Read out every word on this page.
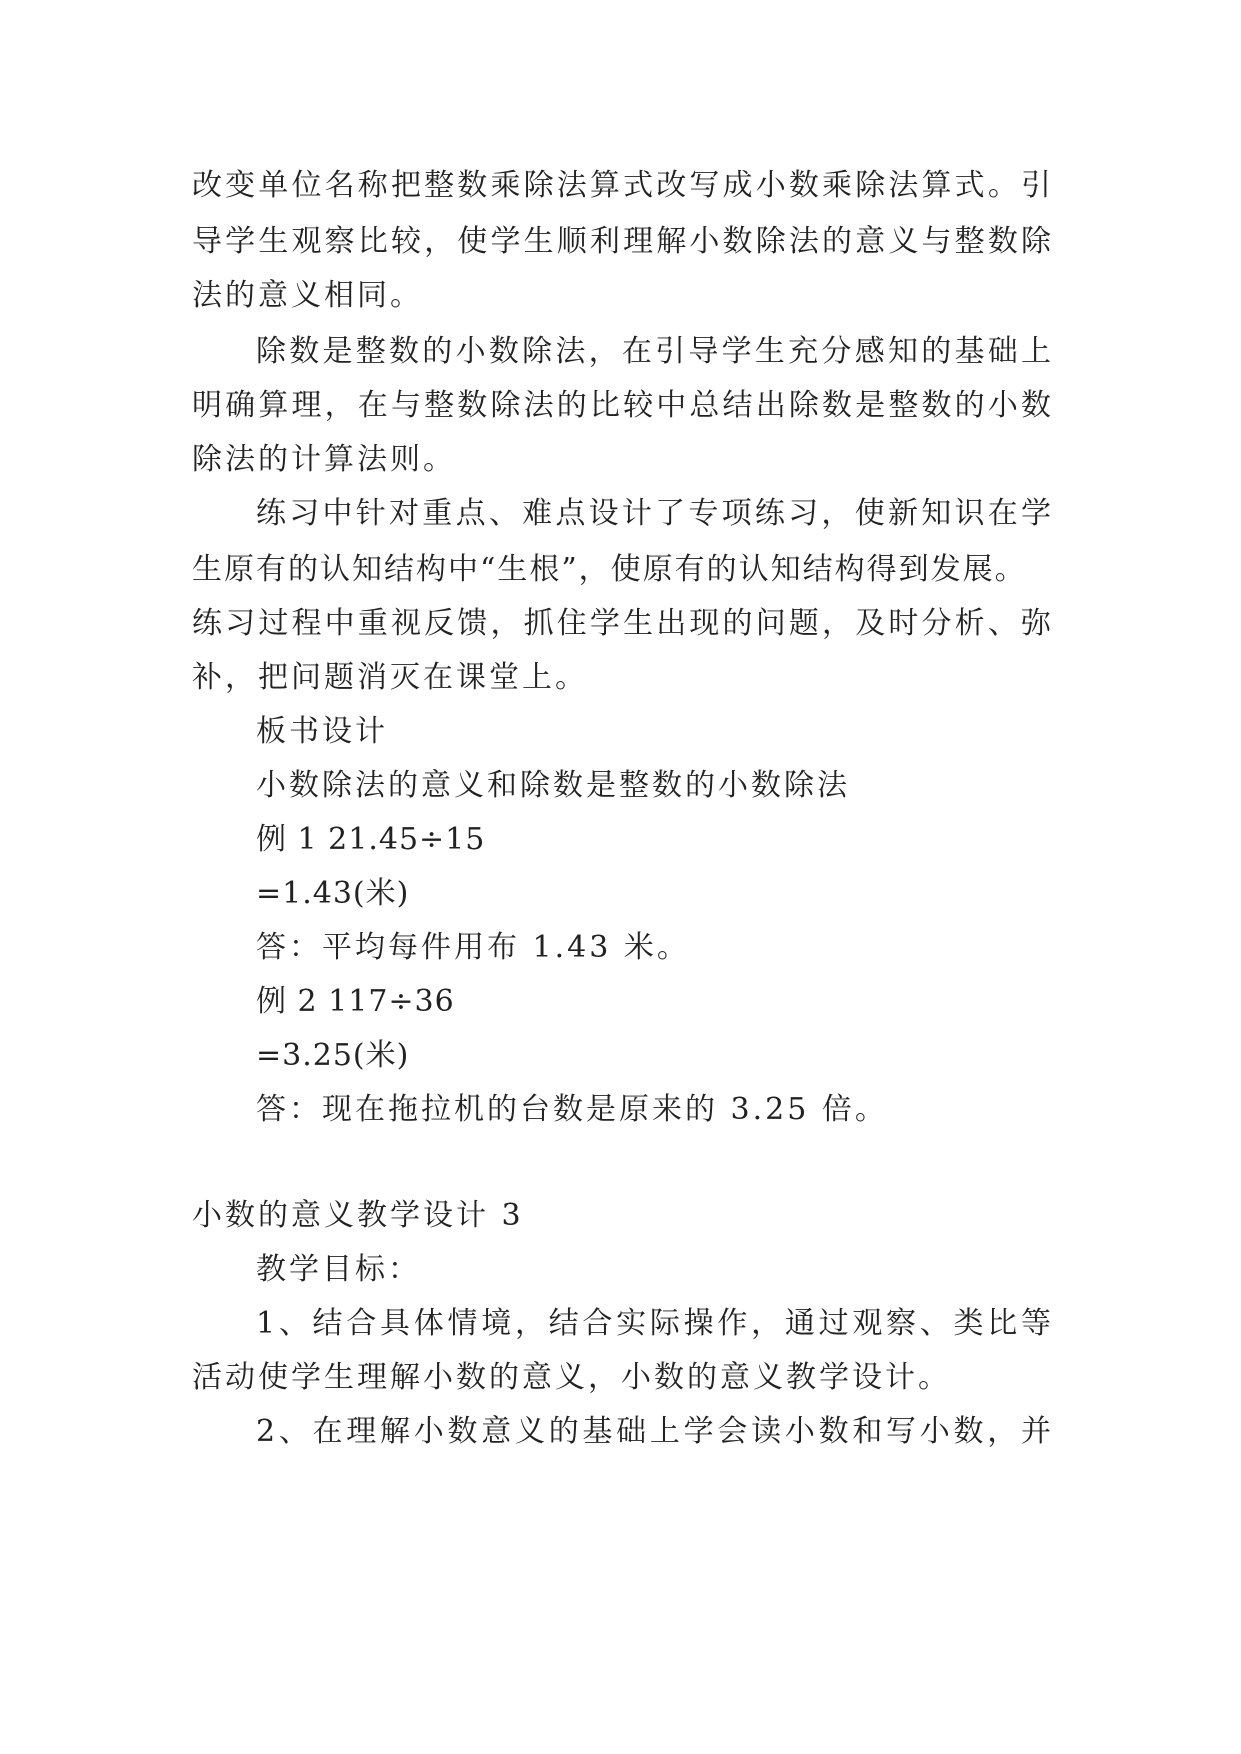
改变单位名称把整数乘除法算式改写成小数乘除法算式。引
导学生观察比较，使学生顺利理解小数除法的意义与整数除
法的意义相同。
除数是整数的小数除法，在引导学生充分感知的基础上
明确算理，在与整数除法的比较中总结出除数是整数的小数
除法的计算法则。
练习中针对重点、难点设计了专项练习，使新知识在学
生原有的认知结构中“生根”，使原有的认知结构得到发展。
练习过程中重视反馈，抓住学生出现的问题，及时分析、弥
补，把问题消灭在课堂上。
板书设计
小数除法的意义和除数是整数的小数除法
例 1 21.45÷15
=1.43(米)
答：平均每件用布 1.43 米。
例 2 117÷36
=3.25(米)
答：现在拖拉机的台数是原来的 3.25 倍。
小数的意义教学设计 3
教学目标：
1、结合具体情境，结合实际操作，通过观察、类比等
活动使学生理解小数的意义，小数的意义教学设计。
2、在理解小数意义的基础上学会读小数和写小数，并
